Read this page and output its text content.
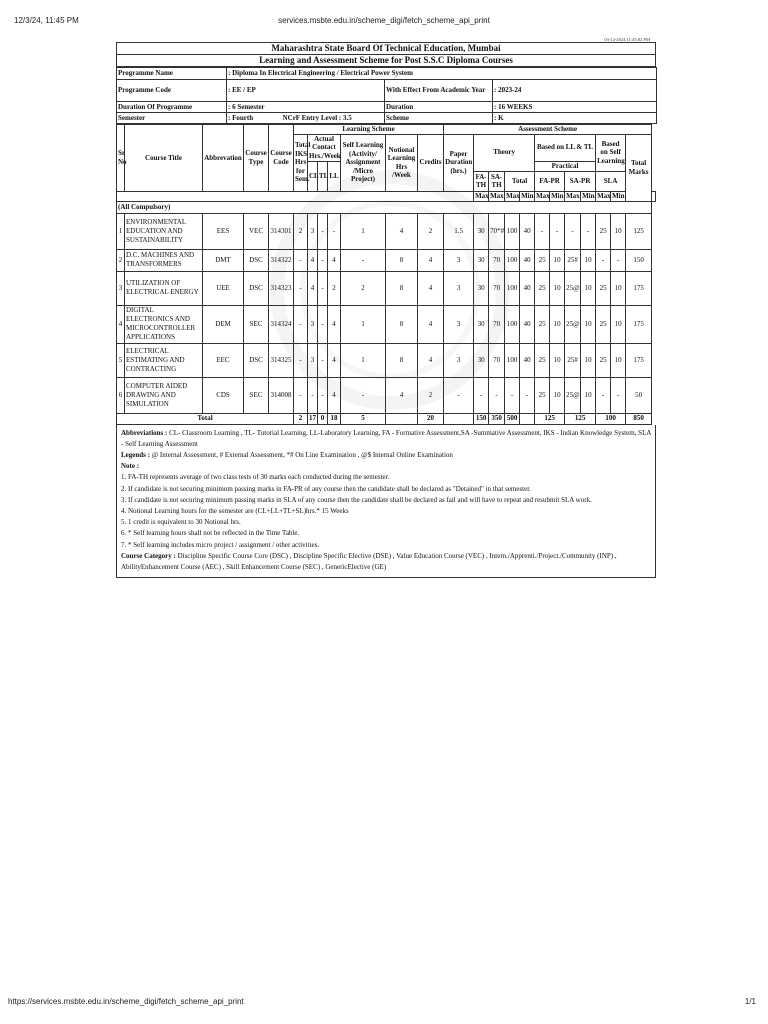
12/3/24, 11:45 PM	services.msbte.edu.in/scheme_digi/fetch_scheme_api_print
03-12-2024 11:45:02 PM
Maharashtra State Board Of Technical Education, Mumbai
Learning and Assessment Scheme for Post S.S.C Diploma Courses
Programme Name	: Diploma In Electrical Engineering / Electrical Power System		
Programme Code	: EE / EP	With Effect From Academic Year	: 2023-24
Duration Of Programme	: 6 Semester	Duration	: 16 WEEKS
Semester	: Fourth NCrF Entry Level : 3.5	Scheme	: K
Sr No	Course Title	Abbrevation	Course Type	Course Code	Learning Scheme							Assessment Scheme												
					Total IKS Hrs for Sem.	Actual Contact Hrs./Week			Self Learning (Activity/ Assignment /Micro Project)	Notional Learning Hrs /Week	Credits	Paper Duration (hrs.)	Theory				Based on LL & TL				Based on Self Learning		Total Marks	
						CL	TL	LL									Practical							
													FA-TH	SA-TH	Total		FA-PR		SA-PR		SLA			
													Max	Max	Max	Min	Max	Min	Max	Min	Max	Min		
(All Compulsory)																								
1	ENVIRONMENTAL EDUCATION AND SUSTAINABILITY	EES	VEC	314301	2	3	-	-	1	4	2	1.5	30	70*#	100	40	-	-	-	-	25	10	125	
2	D.C. MACHINES AND TRANSFORMERS	DMT	DSC	314322	-	4	-	4	-	8	4	3	30	70	100	40	25	10	25#	10	-	-	150	
3	UTILIZATION OF ELECTRICAL ENERGY	UEE	DSC	314323	-	4	-	2	2	8	4	3	30	70	100	40	25	10	25@	10	25	10	175	
4	DIGITAL ELECTRONICS AND MICROCONTROLLER APPLICATIONS	DEM	SEC	314324	-	3	-	4	1	8	4	3	30	70	100	40	25	10	25@	10	25	10	175	
5	ELECTRICAL ESTIMATING AND CONTRACTING	EEC	DSC	314325	-	3	-	4	1	8	4	3	30	70	100	40	25	10	25#	10	25	10	175	
6	COMPUTER AIDED DRAWING AND SIMULATION	CDS	SEC	314008	-	-	-	4	-	4	2	-	-	-	-	-	25	10	25@	10	-	-	50	
Total					2	17	0	18	5		20		150	350	500		125		125		100		850	
Abbreviations : CL- Classroom Learning , TL- Tutorial Learning, LL-Laboratory Learning, FA - Formative Assessment,SA -Summative Assessment, IKS - Indian Knowledge System, SLA - Self Learning Assessment
Legends : @ Internal Assessment, # External Assessment, *# On Line Examination , @$ Internal Online Examination
Note :
1. FA-TH represents average of two class tests of 30 marks each conducted during the semester.
2. If candidate is not securing minimum passing marks in FA-PR of any course then the candidate shall be declared as "Detained" in that semester.
3. If candidate is not securing minimum passing marks in SLA of any course then the candidate shall be declared as fail and will have to repeat and resubmit SLA work.
4. Notional Learning hours for the semester are (CL+LL+TL+SL)hrs.* 15 Weeks
5. 1 credit is equivalent to 30 Notional hrs.
6. * Self learning hours shall not be reflected in the Time Table.
7. * Self learning includes micro project / assignment / other activities.
Course Category : Discipline Specific Course Core (DSC) , Discipline Specific Elective (DSE) , Value Education Course (VEC) , Intern./Apprenti./Project./Community (INP) , AbilityEnhancement Course (AEC) , Skill Enhancement Course (SEC) , GenericElective (GE)
https://services.msbte.edu.in/scheme_digi/fetch_scheme_api_print	1/1
